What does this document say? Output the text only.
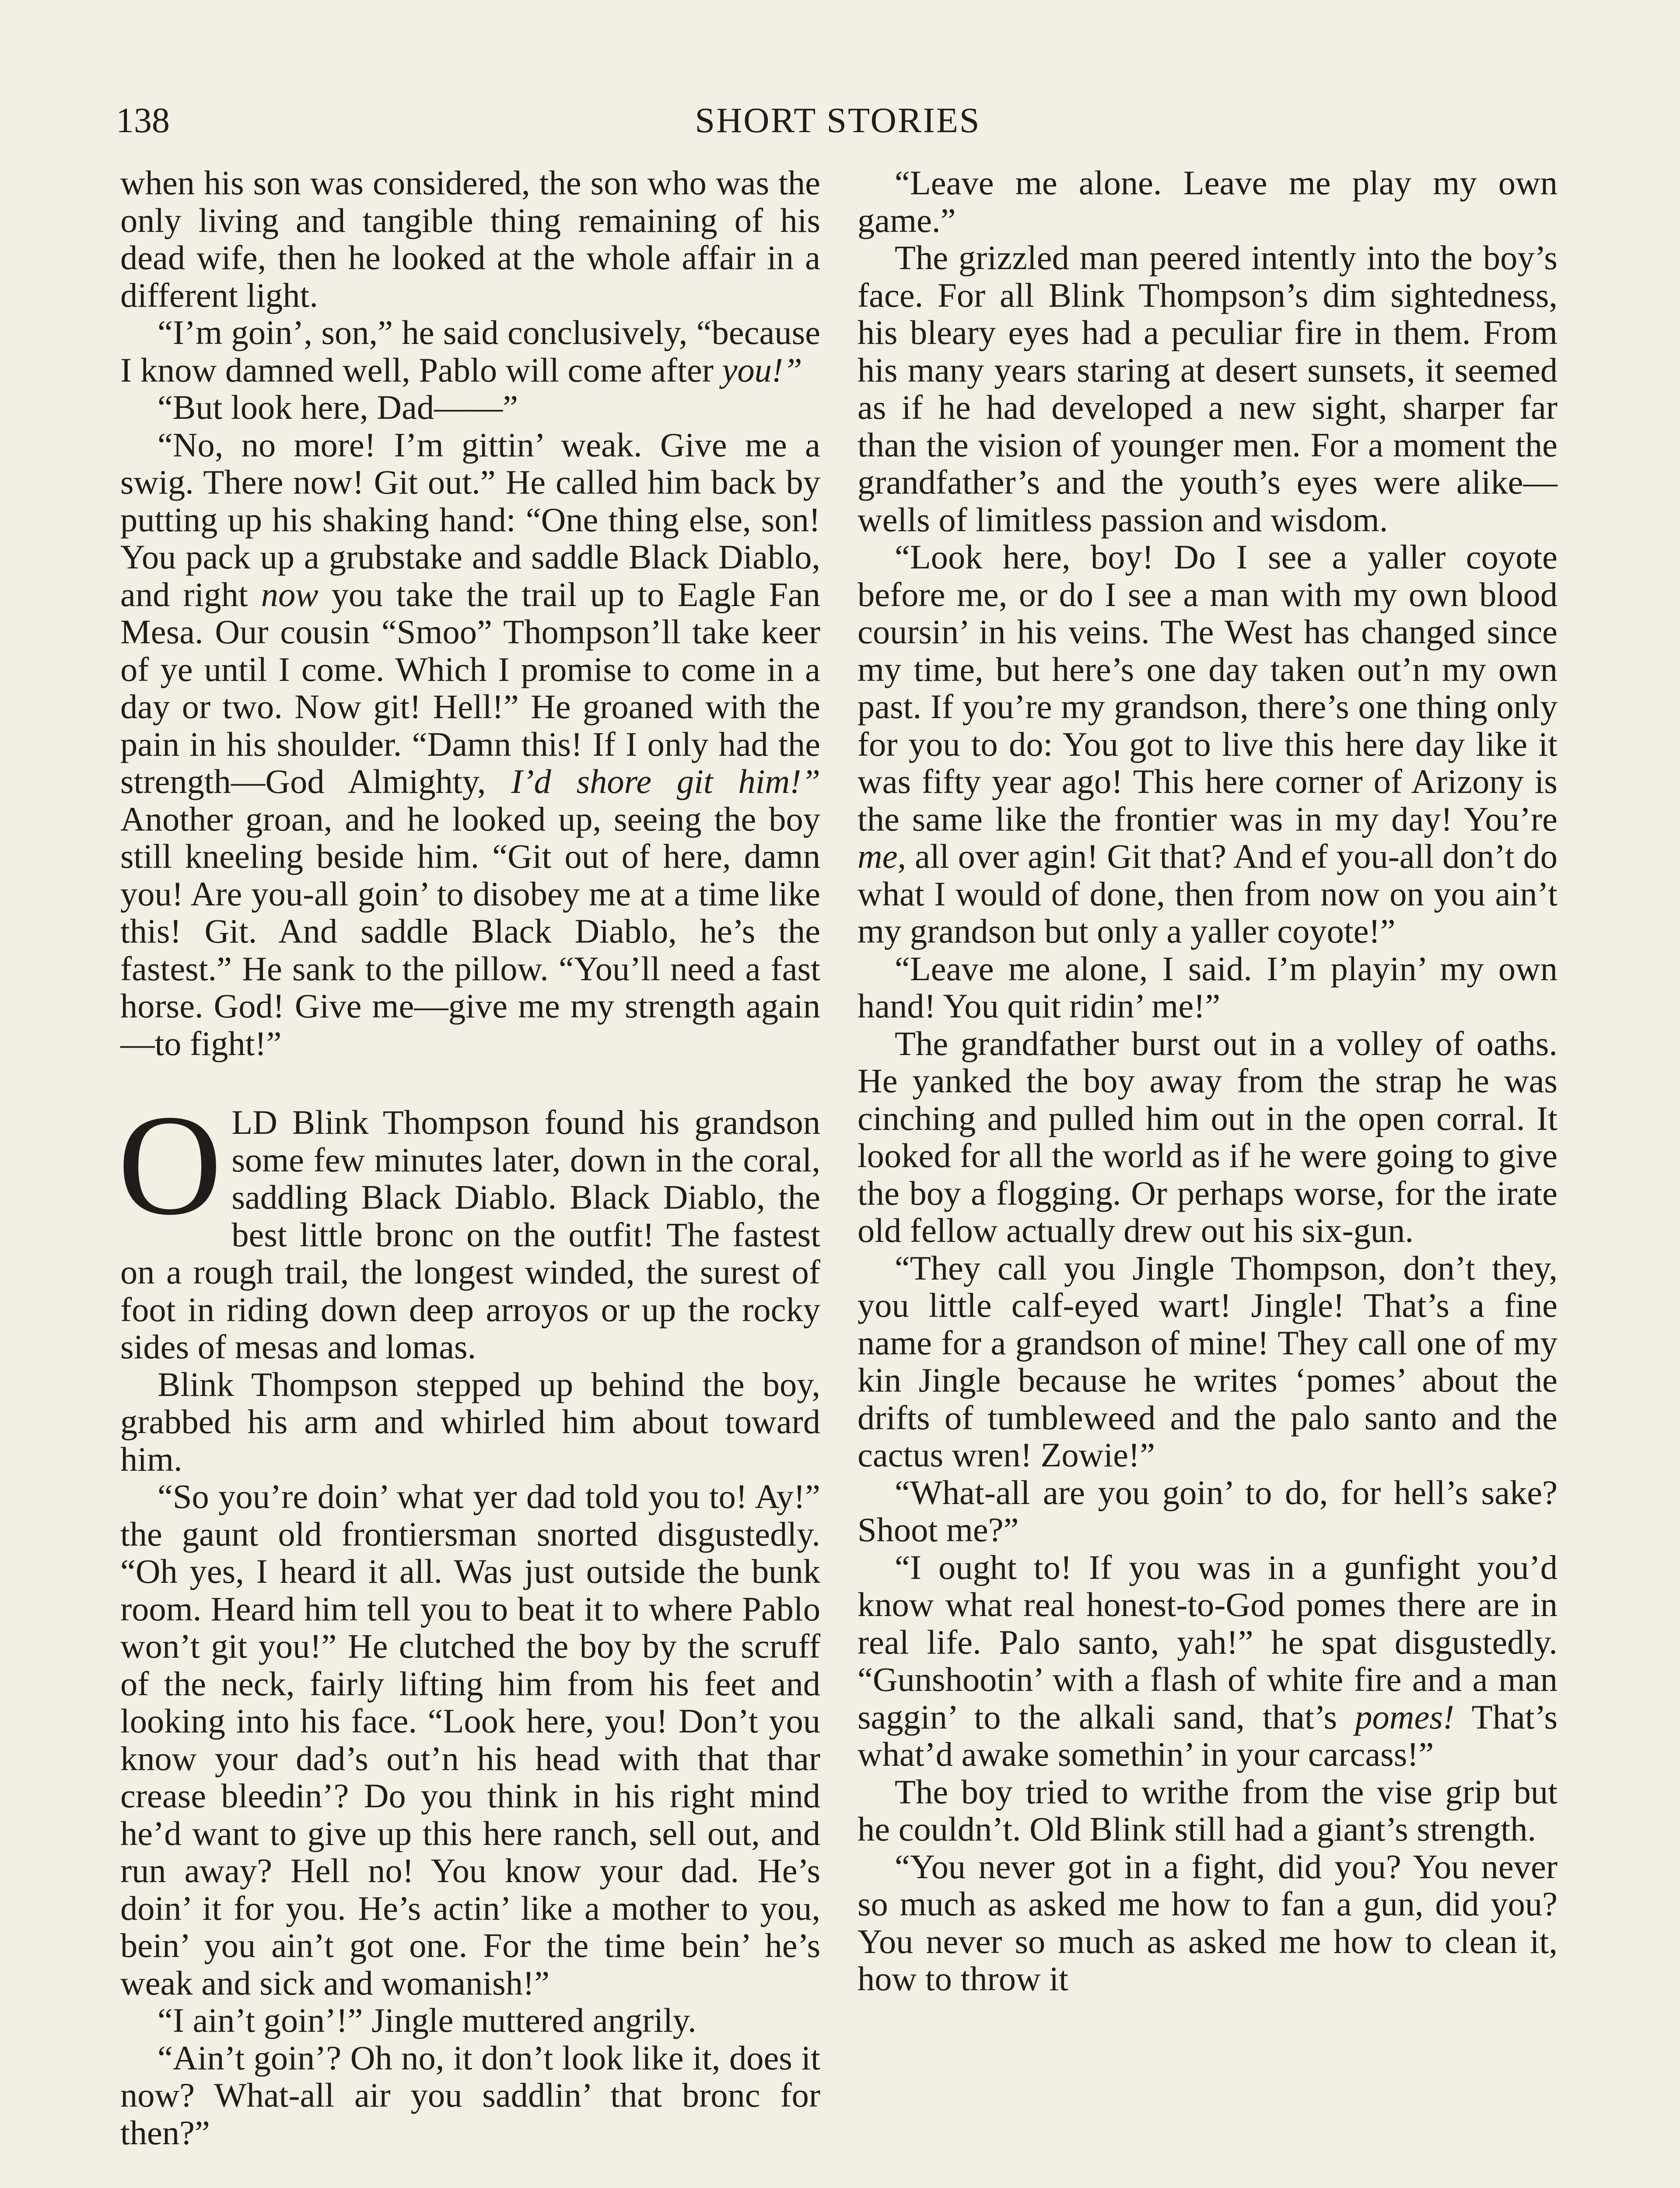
138	SHORT STORIES

when his son was considered, the son who was the only living and tangible thing remaining of his dead wife, then he looked at the whole affair in a different light.

“I’m goin’, son,” he said conclusively, “because I know damned well, Pablo will come after you!”

“But look here, Dad——”

“No, no more! I’m gittin’ weak. Give me a swig. There now! Git out.” He called him back by putting up his shaking hand: “One thing else, son! You pack up a grubstake and saddle Black Diablo, and right now you take the trail up to Eagle Fan Mesa. Our cousin “Smoo” Thompson’ll take keer of ye until I come. Which I promise to come in a day or two. Now git! Hell!” He groaned with the pain in his shoulder. “Damn this! If I only had the strength—God Almighty, I’d shore git him!” Another groan, and he looked up, seeing the boy still kneeling beside him. “Git out of here, damn you! Are you-all goin’ to disobey me at a time like this! Git. And saddle Black Diablo, he’s the fastest.” He sank to the pillow. “You’ll need a fast horse. God! Give me—give me my strength again—to fight!”

OLD Blink Thompson found his grandson some few minutes later, down in the coral, saddling Black Diablo. Black Diablo, the best little bronc on the outfit! The fastest on a rough trail, the longest winded, the surest of foot in riding down deep arroyos or up the rocky sides of mesas and lomas.

Blink Thompson stepped up behind the boy, grabbed his arm and whirled him about toward him.

“So you’re doin’ what yer dad told you to! Ay!” the gaunt old frontiersman snorted disgustedly. “Oh yes, I heard it all. Was just outside the bunk room. Heard him tell you to beat it to where Pablo won’t git you!” He clutched the boy by the scruff of the neck, fairly lifting him from his feet and looking into his face. “Look here, you! Don’t you know your dad’s out’n his head with that thar crease bleedin’? Do you think in his right mind he’d want to give up this here ranch, sell out, and run away? Hell no! You know your dad. He’s doin’ it for you. He’s actin’ like a mother to you, bein’ you ain’t got one. For the time bein’ he’s weak and sick and womanish!”

“I ain’t goin’!” Jingle muttered angrily.

“Ain’t goin’? Oh no, it don’t look like it, does it now? What-all air you saddlin’ that bronc for then?”

“Leave me alone. Leave me play my own game.”

The grizzled man peered intently into the boy’s face. For all Blink Thompson’s dim sightedness, his bleary eyes had a peculiar fire in them. From his many years staring at desert sunsets, it seemed as if he had developed a new sight, sharper far than the vision of younger men. For a moment the grandfather’s and the youth’s eyes were alike—wells of limitless passion and wisdom.

“Look here, boy! Do I see a yaller coyote before me, or do I see a man with my own blood coursin’ in his veins. The West has changed since my time, but here’s one day taken out’n my own past. If you’re my grandson, there’s one thing only for you to do: You got to live this here day like it was fifty year ago! This here corner of Arizony is the same like the frontier was in my day! You’re me, all over agin! Git that? And ef you-all don’t do what I would of done, then from now on you ain’t my grandson but only a yaller coyote!”

“Leave me alone, I said. I’m playin’ my own hand! You quit ridin’ me!”

The grandfather burst out in a volley of oaths. He yanked the boy away from the strap he was cinching and pulled him out in the open corral. It looked for all the world as if he were going to give the boy a flogging. Or perhaps worse, for the irate old fellow actually drew out his six-gun.

“They call you Jingle Thompson, don’t they, you little calf-eyed wart! Jingle! That’s a fine name for a grandson of mine! They call one of my kin Jingle because he writes ‘pomes’ about the drifts of tumbleweed and the palo santo and the cactus wren! Zowie!”

“What-all are you goin’ to do, for hell’s sake? Shoot me?”

“I ought to! If you was in a gunfight you’d know what real honest-to-God pomes there are in real life. Palo santo, yah!” he spat disgustedly. “Gunshootin’ with a flash of white fire and a man saggin’ to the alkali sand, that’s pomes! That’s what’d awake somethin’ in your carcass!”

The boy tried to writhe from the vise grip but he couldn’t. Old Blink still had a giant’s strength.

“You never got in a fight, did you? You never so much as asked me how to fan a gun, did you? You never so much as asked me how to clean it, how to throw it
